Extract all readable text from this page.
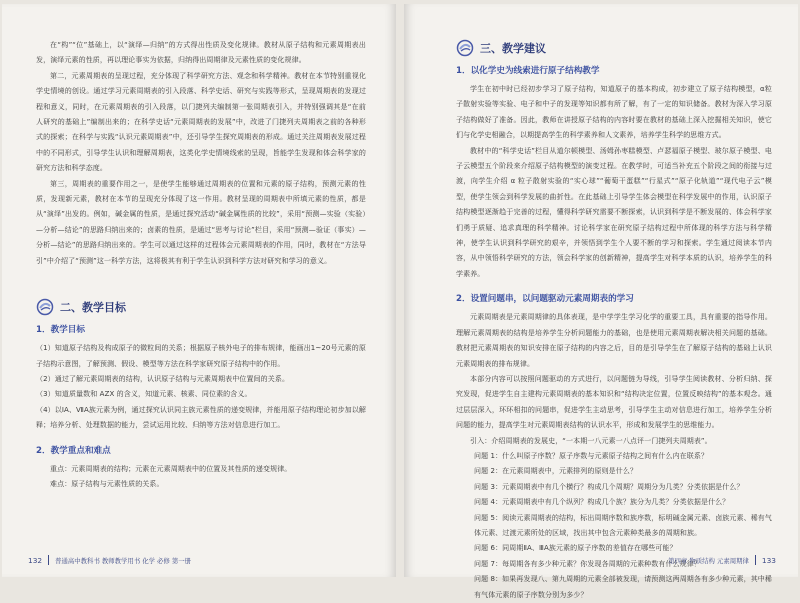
在“构”“位”基础上，以“演绎—归纳”的方式得出性质及变化规律。教材从原子结构和元素周期表出发，演绎元素的性质，再以理论事实为依据，归纳得出周期律及元素性质的变化规律。

第二，元素周期表的呈现过程，充分体现了科学研究方法、观念和科学精神。教材在本节特别重视化学史情境的创设。通过学习元素周期表的引入段落、科学史话、研究与实践等形式，呈现周期表的发现过程和意义，同时，在元素周期表的引入段落，以门捷列夫编制第一张周期表引入，并特别强调其是“在前人研究的基础上”编制出来的；在科学史话“元素周期表的发展”中，改进了门捷列夫周期表之前的各种形式的探索；在科学与实践“认识元素周期表”中，还引导学生探究周期表的形成。通过关注周期表发展过程中的不同形式，引导学生认识和理解周期表，这类化学史情境线索的呈现，旨能学生发现和体会科学家的研究方法和科学态度。

第三，周期表的重要作用之一，是使学生能够通过周期表的位置和元素的原子结构，预测元素的性质，发现新元素，教材在本节的呈现充分体现了这一作用。教材呈现的周期表中所填元素的性质，都是从“演绎”出发的。例如，碱金属的性质，是通过探究活动“碱金属性质的比较”，采用“预测—实验（实验）—分析—结论”的思路归纳出来的；卤素的性质，是通过“思考与讨论”栏目，采用“预测—验证（事实）—分析—结论”的思路归纳出来的。学生可以通过这样的过程体会元素周期表的作用，同时，教材在“方法导引”中介绍了“预测”这一科学方法，这将极其有利于学生认识到科学方法对研究和学习的意义。

二、教学目标
1．教学目标

（1）知道原子结构及构成原子的微粒间的关系；根据原子核外电子的排布规律，能画出1~20号元素的原子结构示意图，了解预测、假设、模型等方法在科学家研究原子结构中的作用。

（2）通过了解元素周期表的结构，认识原子结构与元素周期表中位置间的关系。

（3）知道质量数和 AZX 的含义，知道元素、核素、同位素的含义。

（4）以ⅠA、ⅦA族元素为例，通过探究认识同主族元素性质的递变规律，并能用原子结构理论初步加以解释；培养分析、处理数据的能力，尝试运用比较、归纳等方法对信息进行加工。

2．教学重点和难点

重点：元素周期表的结构；元素在元素周期表中的位置及其性质的递变规律。

难点：原子结构与元素性质的关系。

132 普通高中教科书 教师教学用书 化学 必修 第一册
三、教学建议
1．以化学史为线索进行原子结构教学

学生在初中时已经初步学习了原子结构，知道原子的基本构成，初步建立了原子结构模型，α粒子散射实验等实验、电子和中子的发现等知识都有所了解，有了一定的知识储备。教材为深入学习原子结构做好了准备。因此，教师在讲授原子结构的内容时要在教材的基础上深入挖掘相关知识，使它们与化学史相融合，以期提高学生的科学素养和人文素养，培养学生科学的思维方式。

教材中的“科学史话”栏目从道尔顿模型、汤姆孙枣糕模型、卢瑟福原子模型、玻尔原子模型、电子云模型五个阶段来介绍原子结构模型的演变过程。在教学时，可适当补充五个阶段之间的衔接与过渡，向学生介绍 α 粒子散射实验的“实心球”“葡萄干蛋糕”“行星式”“原子化轨道”“现代电子云”模型，使学生领会到科学发展的曲折性。在此基础上引导学生体会模型在科学发展中的作用，认识原子结构模型逐渐趋于完善的过程，懂得科学研究需要不断探索，认识到科学是不断发展的、体会科学家们勇于质疑、追求真理的科学精神。讨论科学家在研究原子结构过程中所体现的科学方法与科学精神，使学生认识到科学研究的艰辛，并领悟到学生个人要不断的学习和探索。学生通过阅读本节内容，从中领悟科学研究的方法，领会科学家的创新精神，提高学生对科学本质的认识，培养学生的科学素养。

2．设置问题串，以问题驱动元素周期表的学习

元素周期表是元素周期律的具体表现，是中学学生学习化学的重要工具，具有重要的指导作用。理解元素周期表的结构是培养学生分析问题能力的基础，也是使用元素周期表解决相关问题的基础。教材把元素周期表的知识安排在原子结构的内容之后，目的是引导学生在了解原子结构的基础上认识元素周期表的排布规律。

本部分内容可以按照问题驱动的方式进行，以问题链为导线，引导学生阅读教材、分析归纳、探究发现，促进学生自主建构元素周期表的基本知识和“结构决定位置，位置反映结构”的基本观念。通过层层深入，环环相扣的问题串，促进学生主动思考，引导学生主动对信息进行加工，培养学生分析问题的能力，提高学生对元素周期表结构的认识水平，形成和发展学生的思维能力。

引入：介绍周期表的发展史，“一本期一八元素一八点评一门捷列夫周期表”。

问题 1：什么叫原子序数？原子序数与元素原子结构之间有什么内在联系？

问题 2：在元素周期表中，元素排列的原则是什么？

问题 3：元素周期表中有几个横行？构成几个周期？周期分为几类？分类依据是什么？

问题 4：元素周期表中有几个纵列？构成几个族？族分为几类？分类依据是什么？

问题 5：阅读元素周期表的结构，标出周期序数和族序数，标明碱金属元素、卤族元素、稀有气体元素、过渡元素所处的区域，找出其中包含元素种类最多的周期和族。

问题 6：同周期ⅡA、ⅢA族元素的原子序数的差值存在哪些可能？

问题 7：每周期各有多少种元素？你发现各周期的元素种数有什么规律？

问题 8：如果再发现八、第九周期的元素全部被发现，请预测这两周期各有多少种元素，其中稀有气体元素的原子序数分别为多少？

第四章 物质结构 元素周期律 133
